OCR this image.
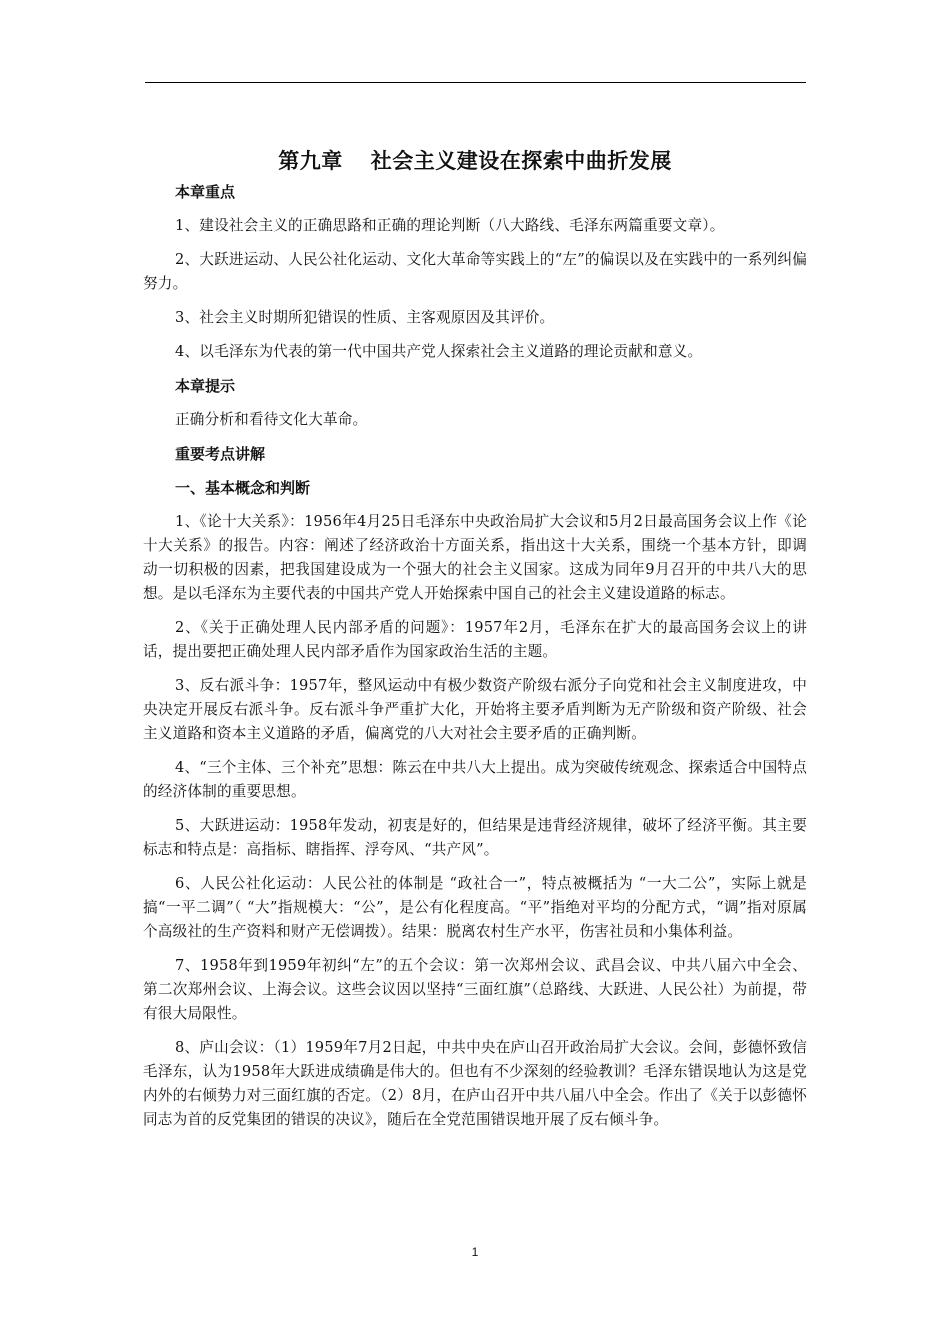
第九章 社会主义建设在探索中曲折发展
本章重点

1、建设社会主义的正确思路和正确的理论判断（八大路线、毛泽东两篇重要文章）。

2、大跃进运动、人民公社化运动、文化大革命等实践上的“左”的偏误以及在实践中的一系列纠偏努力。

3、社会主义时期所犯错误的性质、主客观原因及其评价。

4、以毛泽东为代表的第一代中国共产党人探索社会主义道路的理论贡献和意义。

本章提示

正确分析和看待文化大革命。

重要考点讲解
一、基本概念和判断

1、《论十大关系》：1956年4月25日毛泽东中央政治局扩大会议和5月2日最高国务会议上作《论十大关系》的报告。内容：阐述了经济政治十方面关系，指出这十大关系，围绕一个基本方针，即调动一切积极的因素，把我国建设成为一个强大的社会主义国家。这成为同年9月召开的中共八大的思想。是以毛泽东为主要代表的中国共产党人开始探索中国自己的社会主义建设道路的标志。

2、《关于正确处理人民内部矛盾的问题》：1957年2月，毛泽东在扩大的最高国务会议上的讲话，提出要把正确处理人民内部矛盾作为国家政治生活的主题。

3、反右派斗争：1957年，整风运动中有极少数资产阶级右派分子向党和社会主义制度进攻，中央决定开展反右派斗争。反右派斗争严重扩大化，开始将主要矛盾判断为无产阶级和资产阶级、社会主义道路和资本主义道路的矛盾，偏离党的八大对社会主要矛盾的正确判断。

4、“三个主体、三个补充”思想：陈云在中共八大上提出。成为突破传统观念、探索适合中国特点的经济体制的重要思想。

5、大跃进运动：1958年发动，初衷是好的，但结果是违背经济规律，破坏了经济平衡。其主要标志和特点是：高指标、瞎指挥、浮夸风、“共产风”。

6、人民公社化运动：人民公社的体制是 “政社合一”，特点被概括为 “一大二公”，实际上就是搞“一平二调”（ “大”指规模大：“公”，是公有化程度高。“平”指绝对平均的分配方式，“调”指对原属个高级社的生产资料和财产无偿调拨）。结果：脱离农村生产水平，伤害社员和小集体利益。

7、1958年到1959年初纠“左”的五个会议：第一次郑州会议、武昌会议、中共八届六中全会、第二次郑州会议、上海会议。这些会议因以坚持“三面红旗”（总路线、大跃进、人民公社）为前提，带有很大局限性。

8、庐山会议：（1）1959年7月2日起，中共中央在庐山召开政治局扩大会议。会间，彭德怀致信毛泽东，认为1958年大跃进成绩确是伟大的。但也有不少深刻的经验教训？毛泽东错误地认为这是党内外的右倾势力对三面红旗的否定。（2）8月，在庐山召开中共八届八中全会。作出了《关于以彭德怀同志为首的反党集团的错误的决议》，随后在全党范围错误地开展了反右倾斗争。

1
